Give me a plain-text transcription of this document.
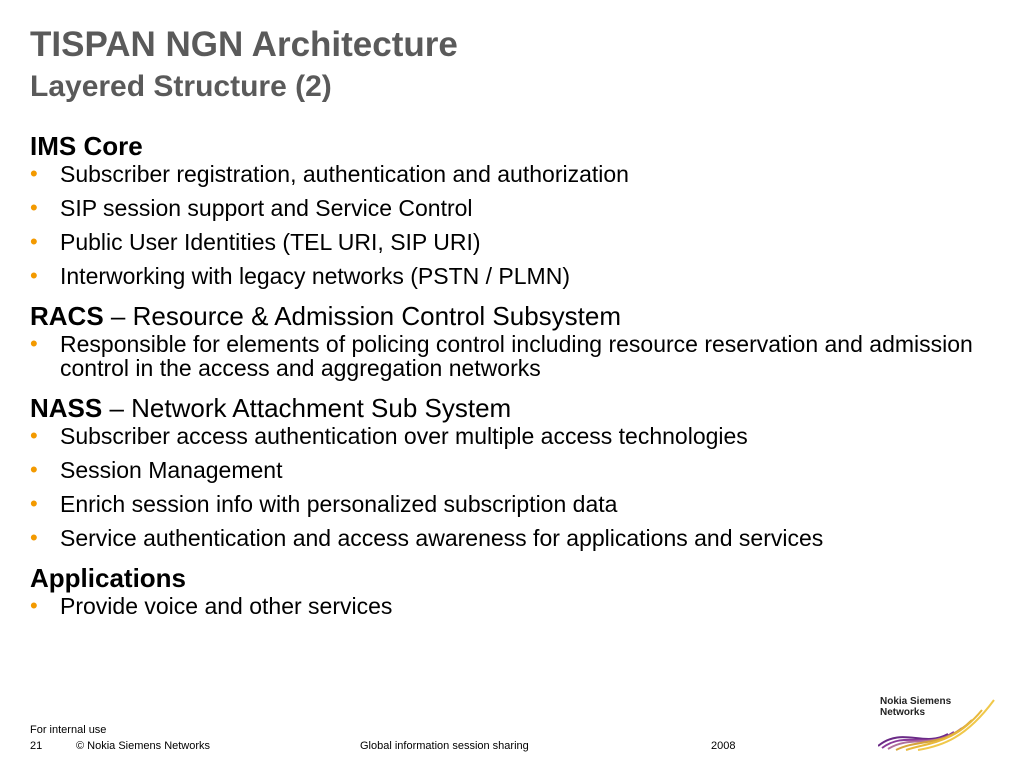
TISPAN NGN Architecture
Layered Structure (2)

IMS Core

• Subscriber registration, authentication and authorization
• SIP session support and Service Control
• Public User Identities (TEL URI, SIP URI)
• Interworking with legacy networks (PSTN / PLMN)

RACS – Resource & Admission Control Subsystem

• Responsible for elements of policing control including resource reservation and admission control in the access and aggregation networks

NASS – Network Attachment Sub System

• Subscriber access authentication over multiple access technologies
• Session Management
• Enrich session info with personalized subscription data
• Service authentication and access awareness for applications and services

Applications

• Provide voice and other services
For internal use
21	© Nokia Siemens Networks	Global information session sharing	2008
Nokia Siemens
Networks
